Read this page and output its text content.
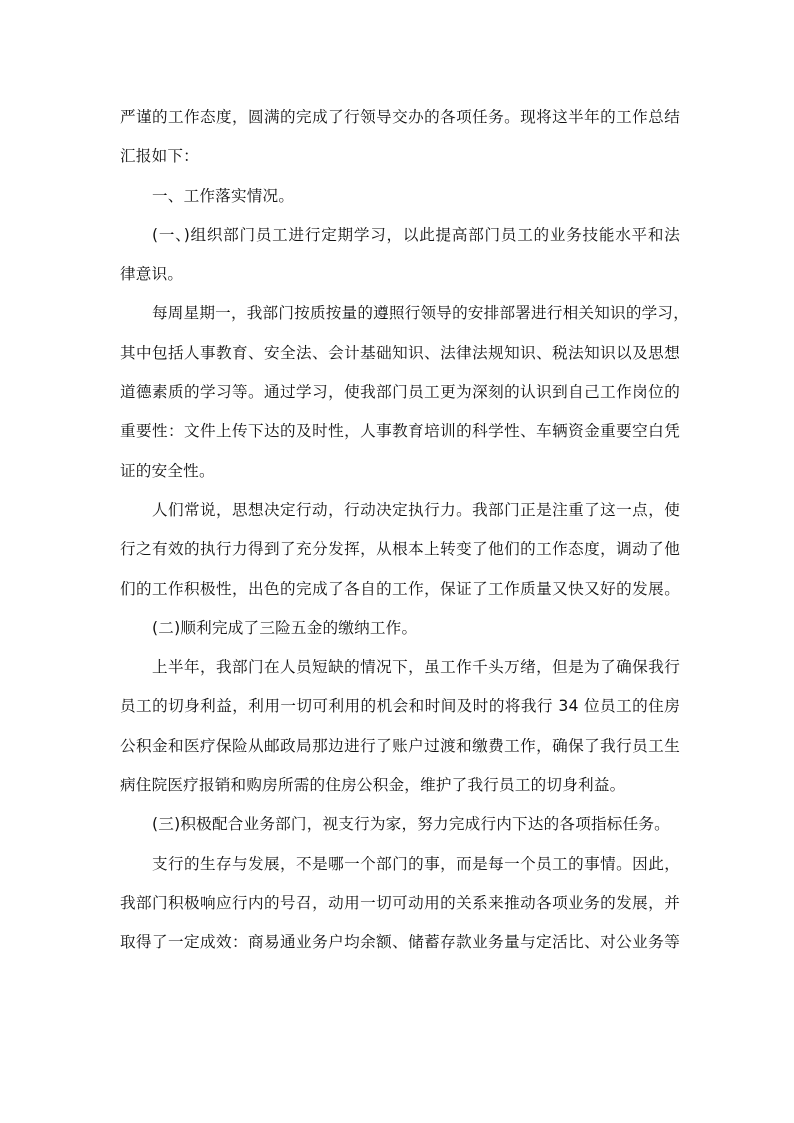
严谨的工作态度，圆满的完成了行领导交办的各项任务。现将这半年的工作总结
汇报如下：
一、工作落实情况。
(一、)组织部门员工进行定期学习，以此提高部门员工的业务技能水平和法
律意识。
每周星期一，我部门按质按量的遵照行领导的安排部署进行相关知识的学习，
其中包括人事教育、安全法、会计基础知识、法律法规知识、税法知识以及思想
道德素质的学习等。通过学习，使我部门员工更为深刻的认识到自己工作岗位的
重要性：文件上传下达的及时性，人事教育培训的科学性、车辆资金重要空白凭
证的安全性。
人们常说，思想决定行动，行动决定执行力。我部门正是注重了这一点，使
行之有效的执行力得到了充分发挥，从根本上转变了他们的工作态度，调动了他
们的工作积极性，出色的完成了各自的工作，保证了工作质量又快又好的发展。
(二)顺利完成了三险五金的缴纳工作。
上半年，我部门在人员短缺的情况下，虽工作千头万绪，但是为了确保我行
员工的切身利益，利用一切可利用的机会和时间及时的将我行 34 位员工的住房
公积金和医疗保险从邮政局那边进行了账户过渡和缴费工作，确保了我行员工生
病住院医疗报销和购房所需的住房公积金，维护了我行员工的切身利益。
(三)积极配合业务部门，视支行为家，努力完成行内下达的各项指标任务。
支行的生存与发展，不是哪一个部门的事，而是每一个员工的事情。因此，
我部门积极响应行内的号召，动用一切可动用的关系来推动各项业务的发展，并
取得了一定成效：商易通业务户均余额、储蓄存款业务量与定活比、对公业务等
